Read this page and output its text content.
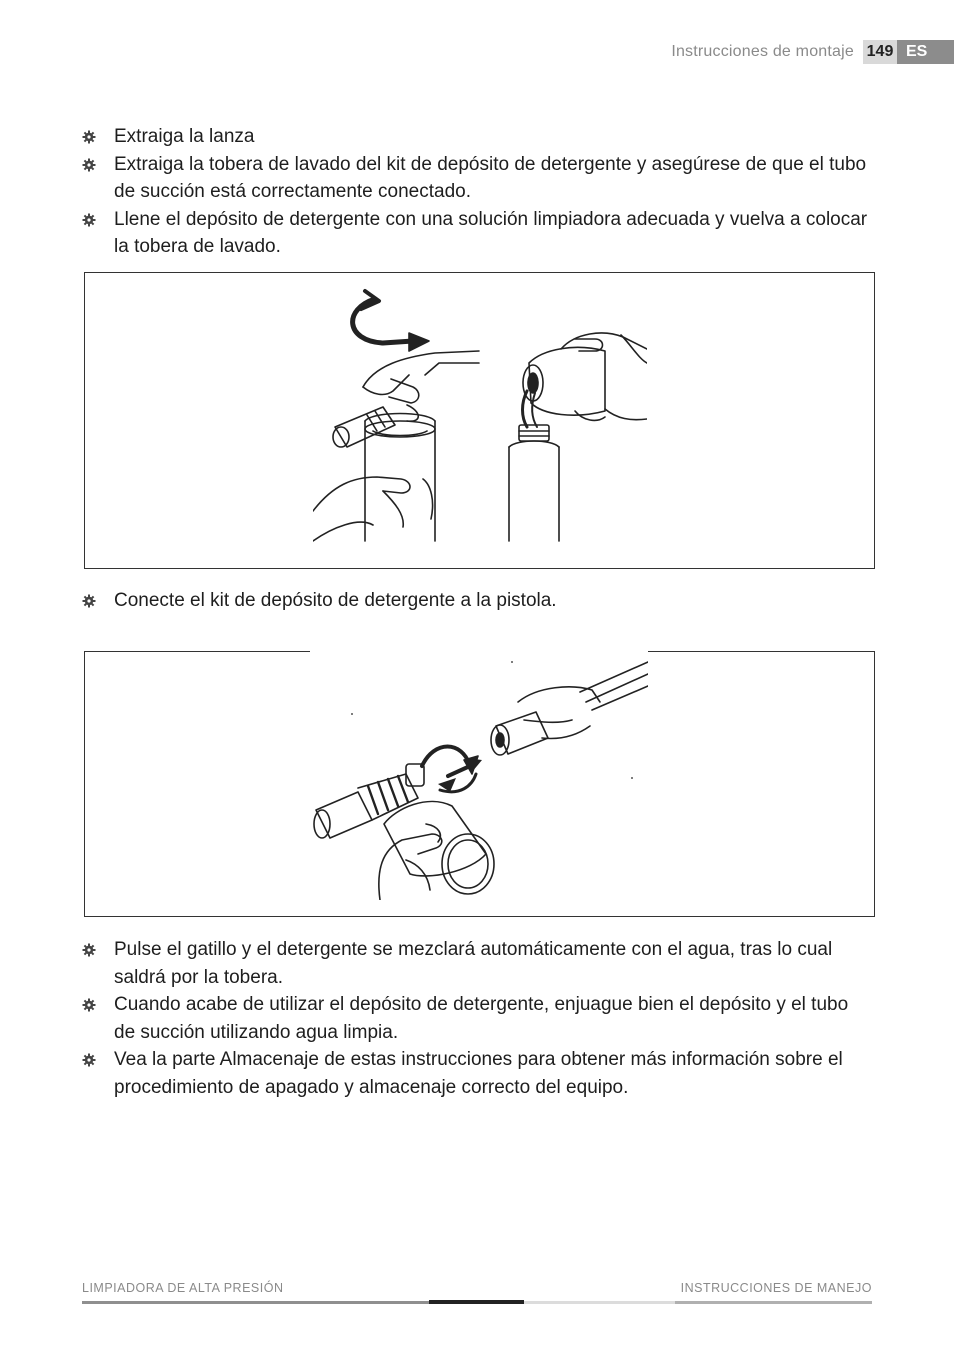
Instrucciones de montaje 149 ES
Extraiga la lanza
Extraiga la tobera de lavado del kit de depósito de detergente y asegúrese de que el tubo de succión está correctamente conectado.
Llene el depósito de detergente con una solución limpiadora adecuada y vuelva a colocar la tobera de lavado.
Conecte el kit de depósito de detergente a la pistola.
Pulse el gatillo y el detergente se mezclará automáticamente con el agua, tras lo cual saldrá por la tobera.
Cuando acabe de utilizar el depósito de detergente, enjuague bien el depósito y el tubo de succión utilizando agua limpia.
Vea la parte Almacenaje de estas instrucciones para obtener más información sobre el procedimiento de apagado y almacenaje correcto del equipo.
LIMPIADORA DE ALTA PRESIÓN	INSTRUCCIONES DE MANEJO
